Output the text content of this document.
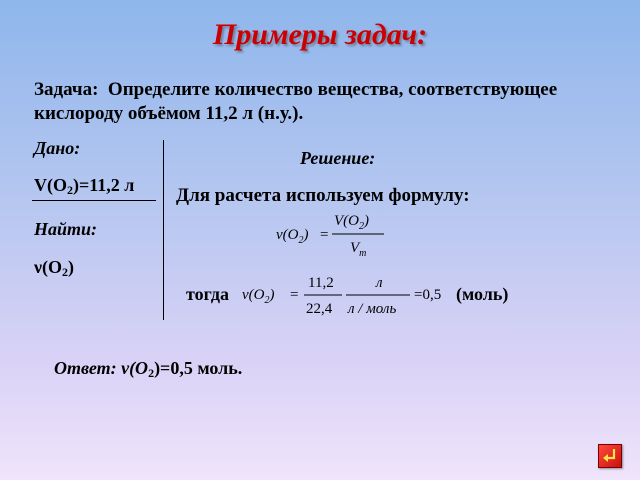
Примеры задач:
Задача: Определите количество вещества, соответствующее кислороду объёмом 11,2 л (н.у.).
Дано:
$V(O_2)=11,2$ л
Найти:
$\nu(O_2)$
Решение:
Для расчета используем формулу:
$\nu(O_2)$ =
$V(O_2)$
$V_m$
тогда $\nu(O_2)$ =
11,2
22,4
л
л / моль
=0,5 (моль)
Ответ: $\nu(O_2)=0,5$ моль.
